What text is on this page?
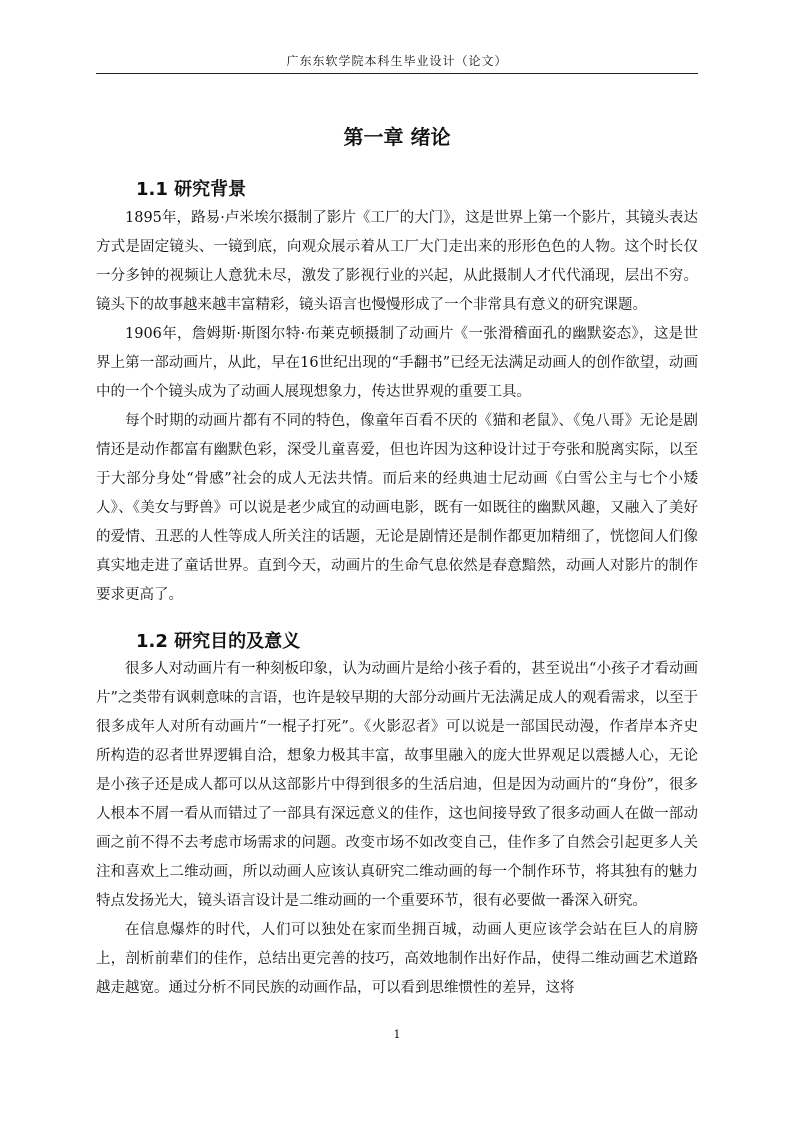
广东东软学院本科生毕业设计（论文）
第一章 绪论
1.1 研究背景

1895年，路易·卢米埃尔摄制了影片《工厂的大门》，这是世界上第一个影片，其镜头表达方式是固定镜头、一镜到底，向观众展示着从工厂大门走出来的形形色色的人物。这个时长仅一分多钟的视频让人意犹未尽，激发了影视行业的兴起，从此摄制人才代代涌现，层出不穷。镜头下的故事越来越丰富精彩，镜头语言也慢慢形成了一个非常具有意义的研究课题。

1906年，詹姆斯·斯图尔特·布莱克顿摄制了动画片《一张滑稽面孔的幽默姿态》，这是世界上第一部动画片，从此，早在16世纪出现的“手翻书”已经无法满足动画人的创作欲望，动画中的一个个镜头成为了动画人展现想象力，传达世界观的重要工具。

每个时期的动画片都有不同的特色，像童年百看不厌的《猫和老鼠》、《兔八哥》无论是剧情还是动作都富有幽默色彩，深受儿童喜爱，但也许因为这种设计过于夸张和脱离实际，以至于大部分身处“骨感”社会的成人无法共情。而后来的经典迪士尼动画《白雪公主与七个小矮人》、《美女与野兽》可以说是老少咸宜的动画电影，既有一如既往的幽默风趣，又融入了美好的爱情、丑恶的人性等成人所关注的话题，无论是剧情还是制作都更加精细了，恍惚间人们像真实地走进了童话世界。直到今天，动画片的生命气息依然是春意黯然，动画人对影片的制作要求更高了。

1.2 研究目的及意义

很多人对动画片有一种刻板印象，认为动画片是给小孩子看的，甚至说出“小孩子才看动画片”之类带有讽刺意味的言语，也许是较早期的大部分动画片无法满足成人的观看需求，以至于很多成年人对所有动画片“一棍子打死”。《火影忍者》可以说是一部国民动漫，作者岸本齐史所构造的忍者世界逻辑自洽，想象力极其丰富，故事里融入的庞大世界观足以震撼人心，无论是小孩子还是成人都可以从这部影片中得到很多的生活启迪，但是因为动画片的“身份”，很多人根本不屑一看从而错过了一部具有深远意义的佳作，这也间接导致了很多动画人在做一部动画之前不得不去考虑市场需求的问题。改变市场不如改变自己，佳作多了自然会引起更多人关注和喜欢上二维动画，所以动画人应该认真研究二维动画的每一个制作环节，将其独有的魅力特点发扬光大，镜头语言设计是二维动画的一个重要环节，很有必要做一番深入研究。

在信息爆炸的时代，人们可以独处在家而坐拥百城，动画人更应该学会站在巨人的肩膀上，剖析前辈们的佳作，总结出更完善的技巧，高效地制作出好作品，使得二维动画艺术道路越走越宽。通过分析不同民族的动画作品，可以看到思维惯性的差异，这将

1
